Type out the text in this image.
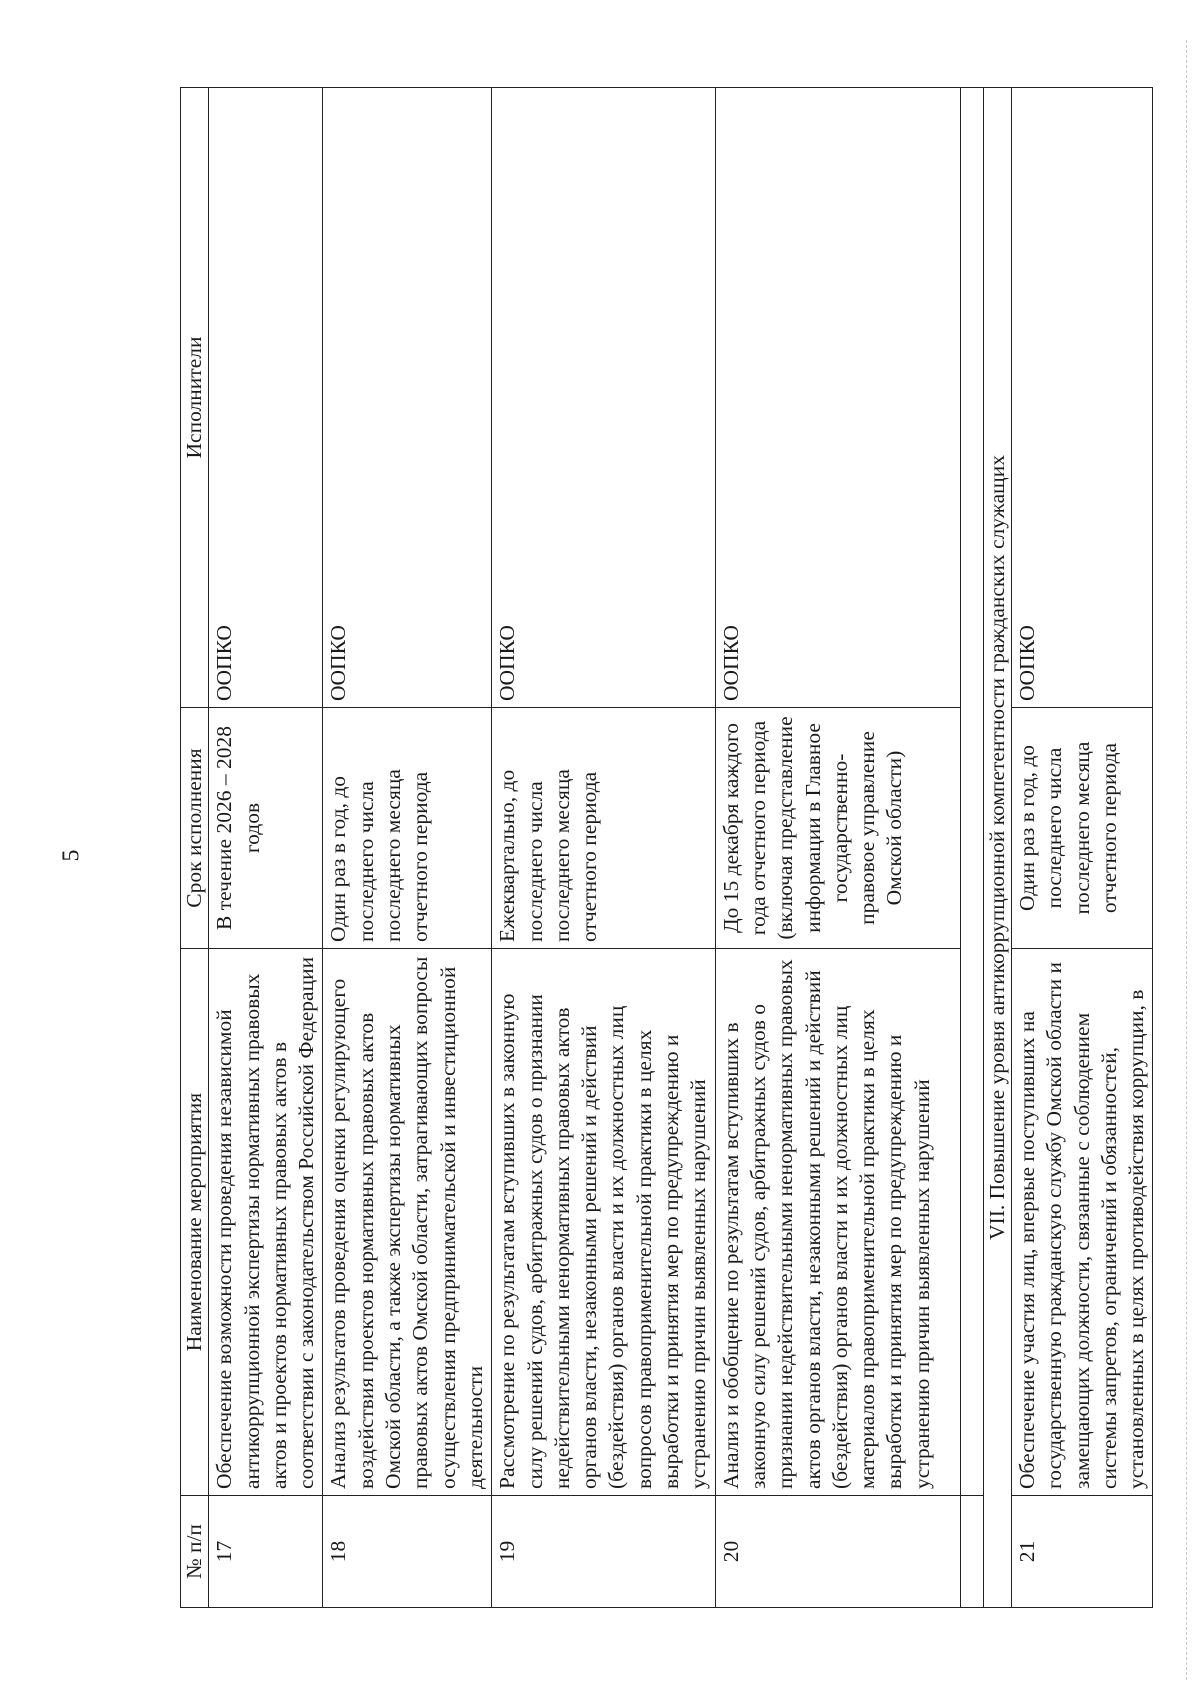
5
№ п/п	Наименование мероприятия	Срок исполнения	Исполнители
17	Обеспечение возможности проведения независимой антикоррупционной экспертизы нормативных правовых актов и проектов нормативных правовых актов в соответствии с законодательством Российской Федерации	В течение 2026 – 2028 годов	ООПКО
18	Анализ результатов проведения оценки регулирующего воздействия проектов нормативных правовых актов Омской области, а также экспертизы нормативных правовых актов Омской области, затрагивающих вопросы осуществления предпринимательской и инвестиционной деятельности	Один раз в год, до последнего числа последнего месяца отчетного периода	ООПКО
19	Рассмотрение по результатам вступивших в законную силу решений судов, арбитражных судов о признании недействительными ненормативных правовых актов органов власти, незаконными решений и действий (бездействия) органов власти и их должностных лиц вопросов правоприменительной практики в целях выработки и принятия мер по предупреждению и устранению причин выявленных нарушений	Ежеквартально, до последнего числа последнего месяца отчетного периода	ООПКО
20	Анализ и обобщение по результатам вступивших в законную силу решений судов, арбитражных судов о признании недействительными ненормативных правовых актов органов власти, незаконными решений и действий (бездействия) органов власти и их должностных лиц материалов правоприменительной практики в целях выработки и принятия мер по предупреждению и устранению причин выявленных нарушений	До 15 декабря каждого года отчетного периода (включая представление информации в Главное государственно-правовое управление Омской области)	ООПКО

VII. Повышение уровня антикоррупционной компетентности гражданских служащих			
21	Обеспечение участия лиц, впервые поступивших на государственную гражданскую службу Омской области и замещающих должности, связанные с соблюдением системы запретов, ограничений и обязанностей, установленных в целях противодействия коррупции, в	Один раз в год, до последнего числа последнего месяца отчетного периода	ООПКО
